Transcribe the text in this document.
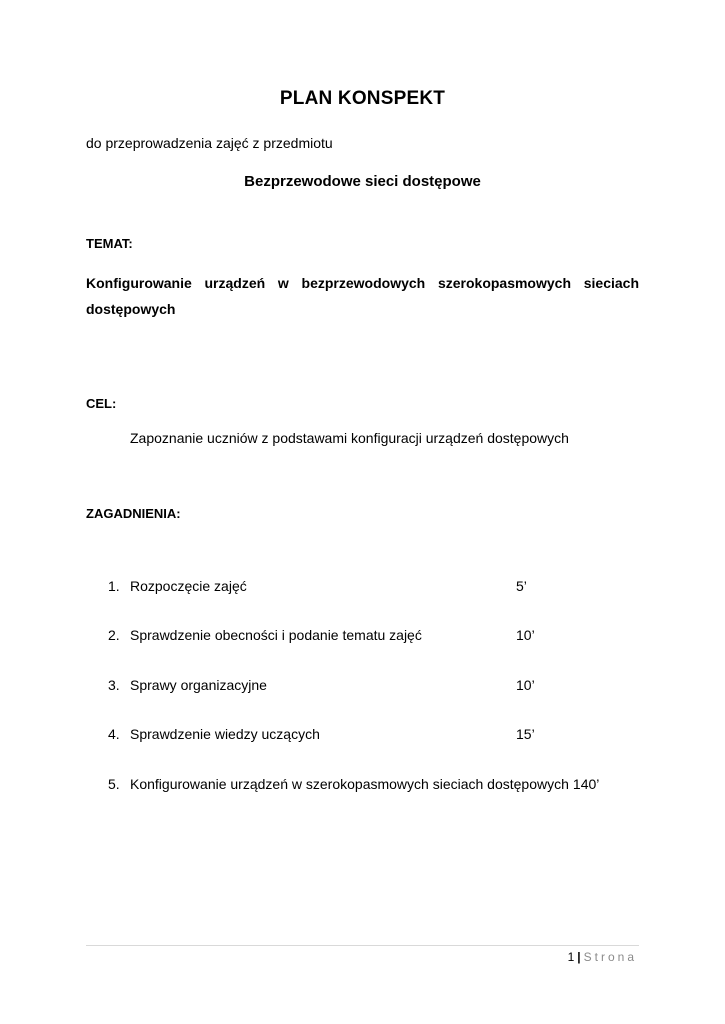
PLAN KONSPEKT
do przeprowadzenia zajęć z przedmiotu
Bezprzewodowe sieci dostępowe
TEMAT:
Konfigurowanie urządzeń w bezprzewodowych szerokopasmowych sieciach dostępowych
CEL:
Zapoznanie uczniów z podstawami konfiguracji urządzeń dostępowych
ZAGADNIENIA:
1. Rozpoczęcie zajęć	5’
2. Sprawdzenie obecności i podanie tematu zajęć	10’
3. Sprawy organizacyjne	10’
4. Sprawdzenie wiedzy uczących	15’
5. Konfigurowanie urządzeń w szerokopasmowych sieciach dostępowych 140’
1 | Strona
